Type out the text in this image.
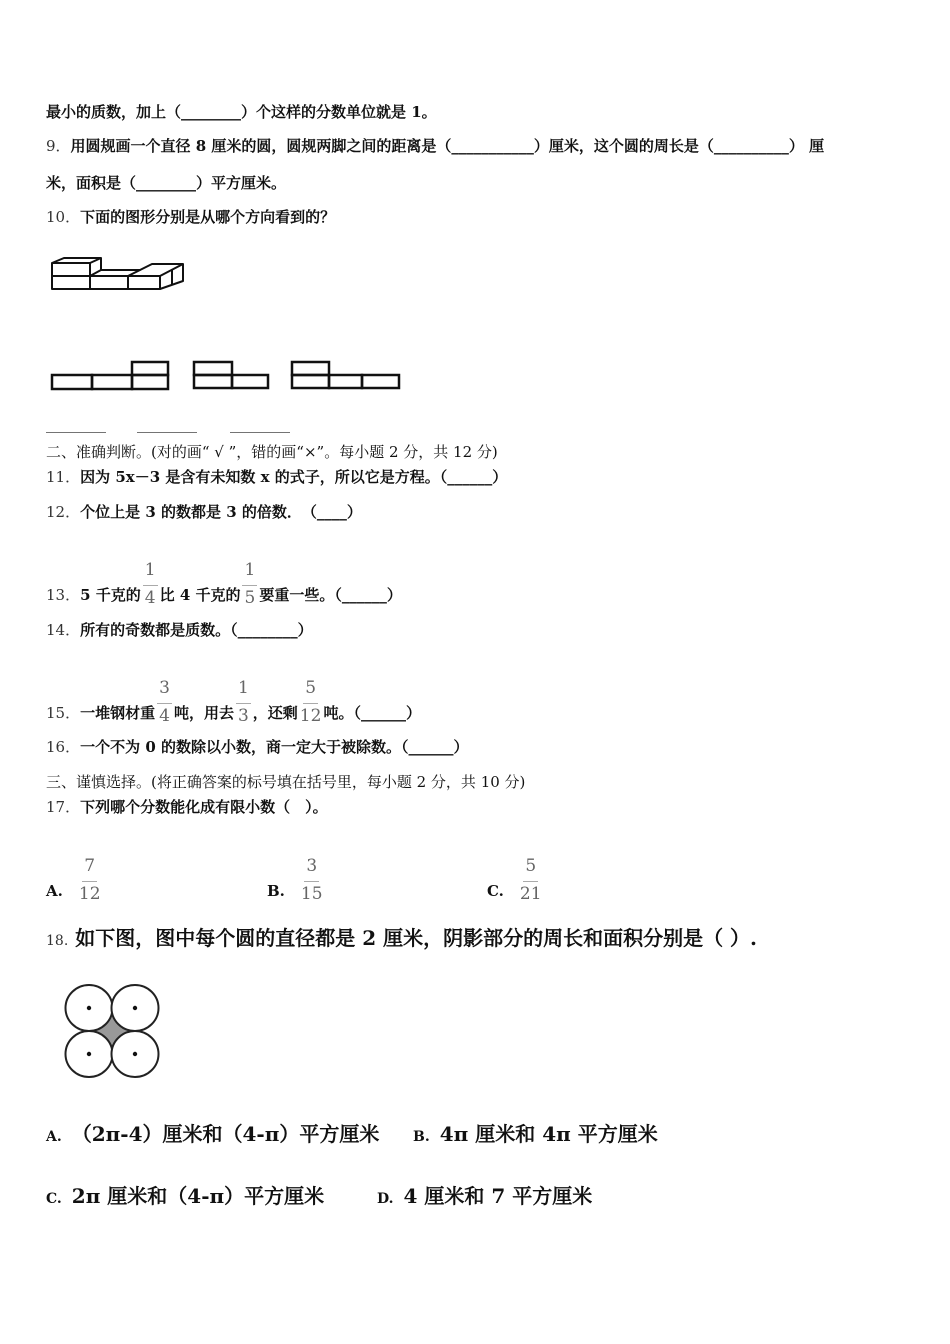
最小的质数，加上（________）个这样的分数单位就是 1。
9．用圆规画一个直径 8 厘米的圆，圆规两脚之间的距离是（___________）厘米，这个圆的周长是（__________） 厘
米，面积是（________）平方厘米。
10．下面的图形分别是从哪个方向看到的？
________ ________ ________
二、准确判断。(对的画“ √ ”，错的画“×”。每小题 2 分，共 12 分)
11．因为 5x－3 是含有未知数 x 的式子，所以它是方程。（______）
12．个位上是 3 的数都是 3 的倍数．　（____）
13．5 千克的 $\frac{1}{4}$ 比 4 千克的 $\frac{1}{5}$ 要重一些。（______）
14．所有的奇数都是质数。（________）
15．一堆钢材重 $\frac{3}{4}$ 吨，用去 $\frac{1}{3}$ ，还剩 $\frac{5}{12}$ 吨。（______）
16．一个不为 0 的数除以小数，商一定大于被除数。（______）
三、谨慎选择。(将正确答案的标号填在括号里，每小题 2 分，共 10 分)
17．下列哪个分数能化成有限小数（　）。
A. $\frac{7}{12}$	B. $\frac{3}{15}$	C. $\frac{5}{21}$
18. 如下图，图中每个圆的直径都是 2 厘米，阴影部分的周长和面积分别是（ ）.
A. （2π-4）厘米和（4-π）平方厘米 B. 4π 厘米和 4π 平方厘米
C. 2π 厘米和（4-π）平方厘米	D. 4 厘米和 7 平方厘米
